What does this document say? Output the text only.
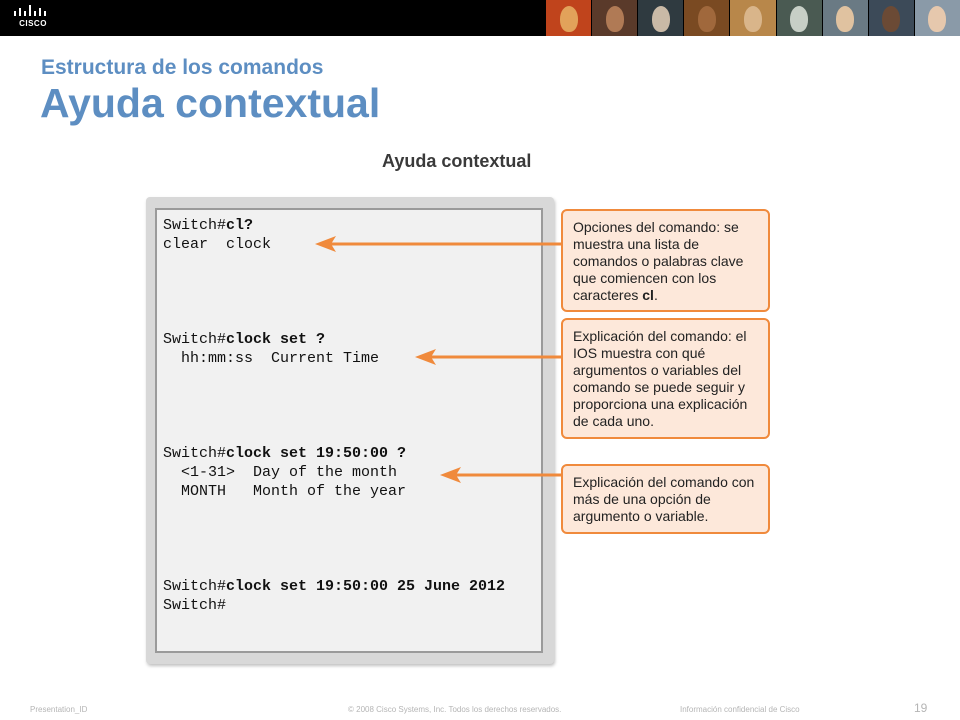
CISCO
Estructura de los comandos
Ayuda contextual
Ayuda contextual
Switch#cl?
clear  clock
Switch#clock set ?
hh:mm:ss  Current Time
Switch#clock set 19:50:00 ?
<1-31>  Day of the month
MONTH   Month of the year
Switch#clock set 19:50:00 25 June 2012
Switch#
Opciones del comando: se muestra una lista de comandos o palabras clave que comiencen con los caracteres cl.
Explicación del comando: el IOS muestra con qué argumentos o variables del comando se puede seguir y proporciona una explicación de cada uno.
Explicación del comando con más de una opción de argumento o variable.
Presentation_ID	© 2008 Cisco Systems, Inc. Todos los derechos reservados.	Información confidencial de Cisco	19
